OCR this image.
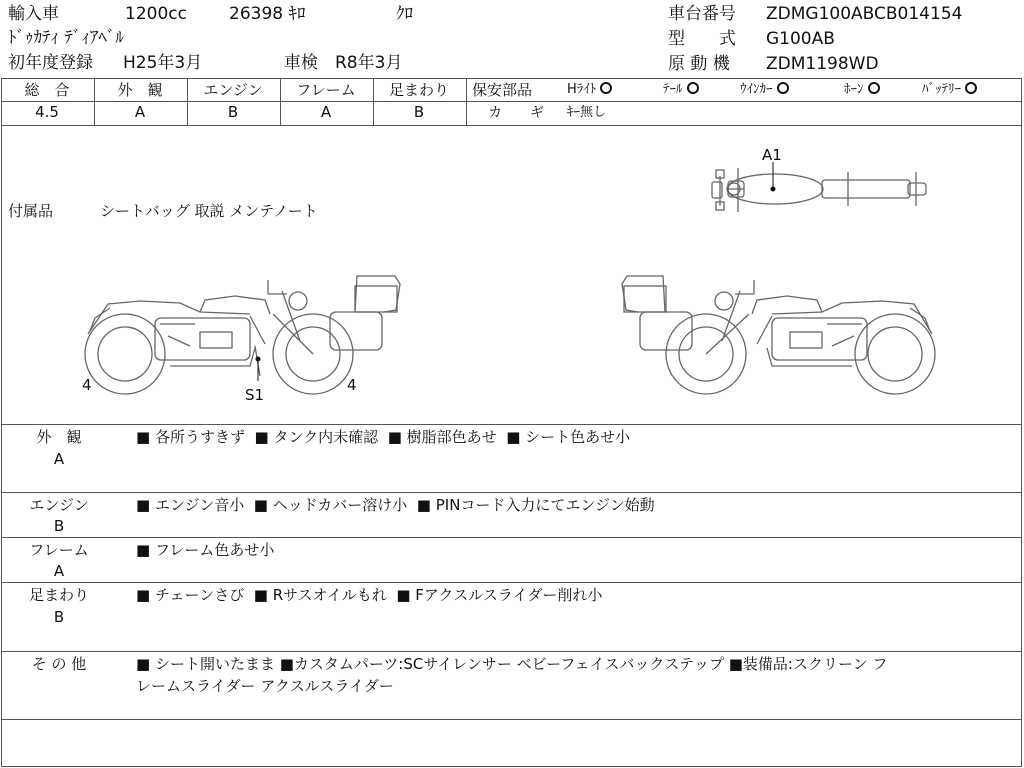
輸入車	1200cc 26398 ｷﾛ	ｸﾛ
ﾄﾞｩｶﾃｨ ﾃﾞｨｱﾍﾞﾙ
初年度登録 H25年3月	車検 R8年3月
車台番号 ZDMG100ABCB014154
型　　式 G100AB
原 動 機 ZDM1198WD
総　合	外　観	エンジン	フレーム	足まわり
4.5	A	B	A	B
保安部品	Hﾗｲﾄ	ﾃｰﾙ	ｳｲﾝｶｰ	ﾎｰﾝ	ﾊﾞｯﾃﾘｰ
カ　　ギ ｷｰ無し
付属品	シートバッグ 取説 メンテノート
A1
4	4
S1
外　観
A
■ 各所うすきず ■ タンク内未確認 ■ 樹脂部色あせ ■ シート色あせ小
エンジン
B
■ エンジン音小 ■ ヘッドカバー溶け小 ■ PINコード入力にてエンジン始動
フレーム
A
■ フレーム色あせ小
足まわり
B
■ チェーンさび ■ Rサスオイルもれ ■ Fアクスルスライダー削れ小
そ の 他	■ シート開いたまま ■カスタムパーツ:SCサイレンサー ベビーフェイスバックステップ ■装備品:スクリーン フ
レームスライダー アクスルスライダー
